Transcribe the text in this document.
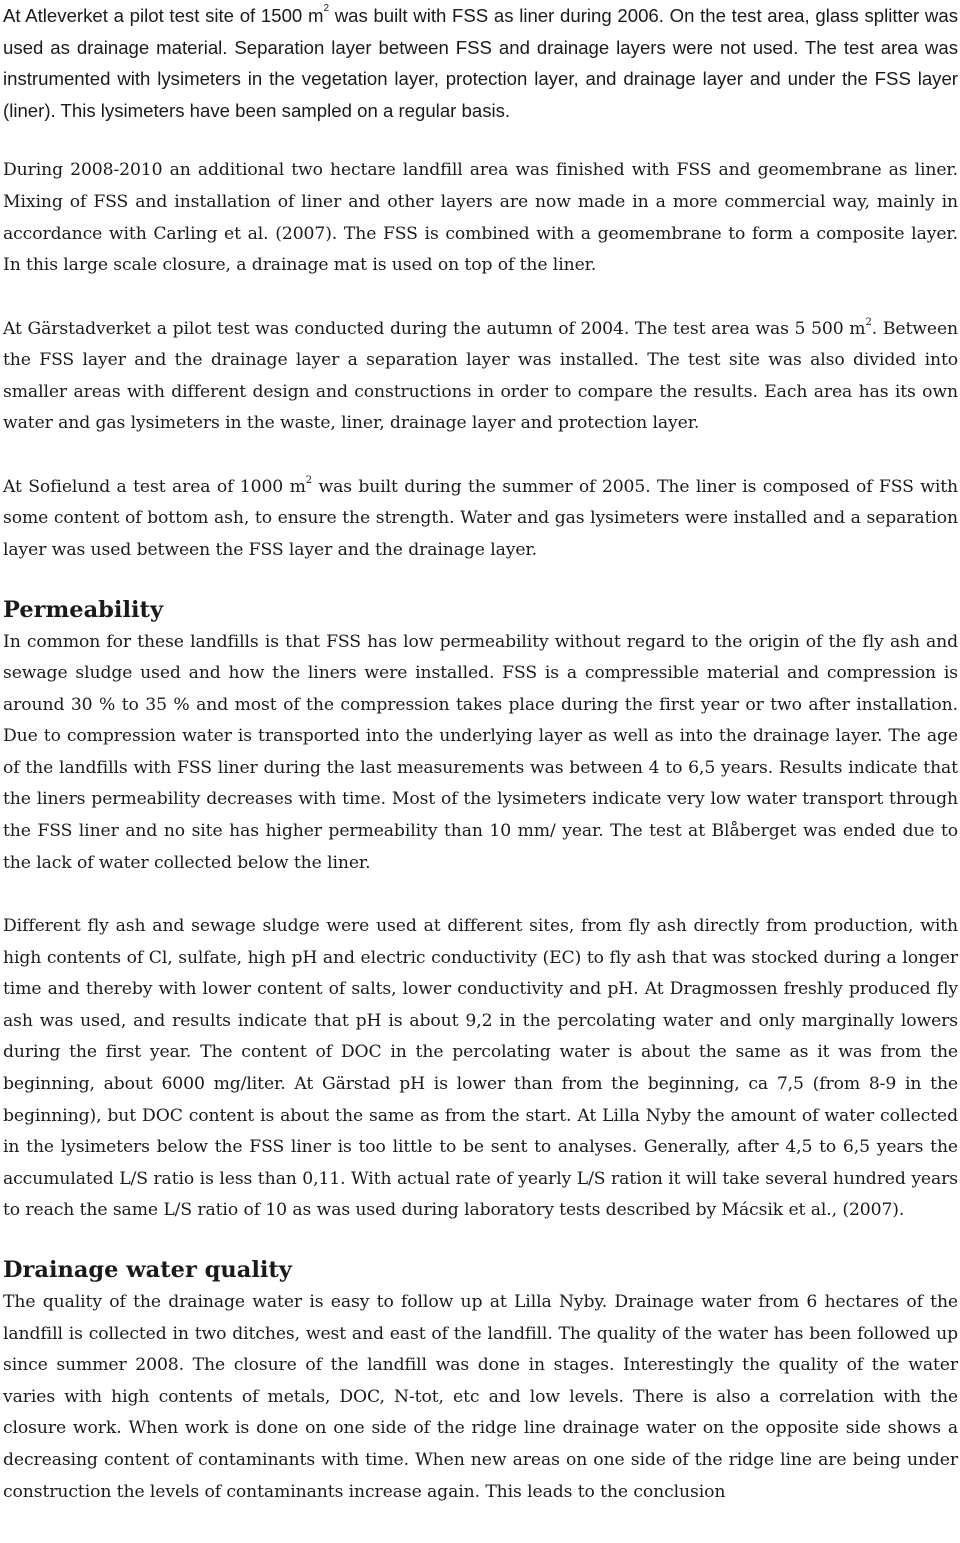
At Atleverket a pilot test site of 1500 $m^2$ was built with FSS as liner during 2006. On the test area, glass splitter was used as drainage material. Separation layer between FSS and drainage layers were not used. The test area was instrumented with lysimeters in the vegetation layer, protection layer, and drainage layer and under the FSS layer (liner). This lysimeters have been sampled on a regular basis.

During 2008-2010 an additional two hectare landfill area was finished with FSS and geomembrane as liner. Mixing of FSS and installation of liner and other layers are now made in a more commercial way, mainly in accordance with Carling et al. (2007). The FSS is combined with a geomembrane to form a composite layer. In this large scale closure, a drainage mat is used on top of the liner.

At Gärstadverket a pilot test was conducted during the autumn of 2004. The test area was 5 500 $m^2$. Between the FSS layer and the drainage layer a separation layer was installed. The test site was also divided into smaller areas with different design and constructions in order to compare the results. Each area has its own water and gas lysimeters in the waste, liner, drainage layer and protection layer.

At Sofielund a test area of 1000 $m^2$ was built during the summer of 2005. The liner is composed of FSS with some content of bottom ash, to ensure the strength. Water and gas lysimeters were installed and a separation layer was used between the FSS layer and the drainage layer.

Permeability

In common for these landfills is that FSS has low permeability without regard to the origin of the fly ash and sewage sludge used and how the liners were installed. FSS is a compressible material and compression is around 30 % to 35 % and most of the compression takes place during the first year or two after installation. Due to compression water is transported into the underlying layer as well as into the drainage layer. The age of the landfills with FSS liner during the last measurements was between 4 to 6,5 years. Results indicate that the liners permeability decreases with time. Most of the lysimeters indicate very low water transport through the FSS liner and no site has higher permeability than 10 mm/ year. The test at Blåberget was ended due to the lack of water collected below the liner.

Different fly ash and sewage sludge were used at different sites, from fly ash directly from production, with high contents of Cl, sulfate, high pH and electric conductivity (EC) to fly ash that was stocked during a longer time and thereby with lower content of salts, lower conductivity and pH. At Dragmossen freshly produced fly ash was used, and results indicate that pH is about 9,2 in the percolating water and only marginally lowers during the first year. The content of DOC in the percolating water is about the same as it was from the beginning, about 6000 mg/liter. At Gärstad pH is lower than from the beginning, ca 7,5 (from 8-9 in the beginning), but DOC content is about the same as from the start. At Lilla Nyby the amount of water collected in the lysimeters below the FSS liner is too little to be sent to analyses. Generally, after 4,5 to 6,5 years the accumulated L/S ratio is less than 0,11. With actual rate of yearly L/S ration it will take several hundred years to reach the same L/S ratio of 10 as was used during laboratory tests described by Mácsik et al., (2007).

Drainage water quality

The quality of the drainage water is easy to follow up at Lilla Nyby. Drainage water from 6 hectares of the landfill is collected in two ditches, west and east of the landfill. The quality of the water has been followed up since summer 2008. The closure of the landfill was done in stages. Interestingly the quality of the water varies with high contents of metals, DOC, N-tot, etc and low levels. There is also a correlation with the closure work. When work is done on one side of the ridge line drainage water on the opposite side shows a decreasing content of contaminants with time. When new areas on one side of the ridge line are being under construction the levels of contaminants increase again. This leads to the conclusion
